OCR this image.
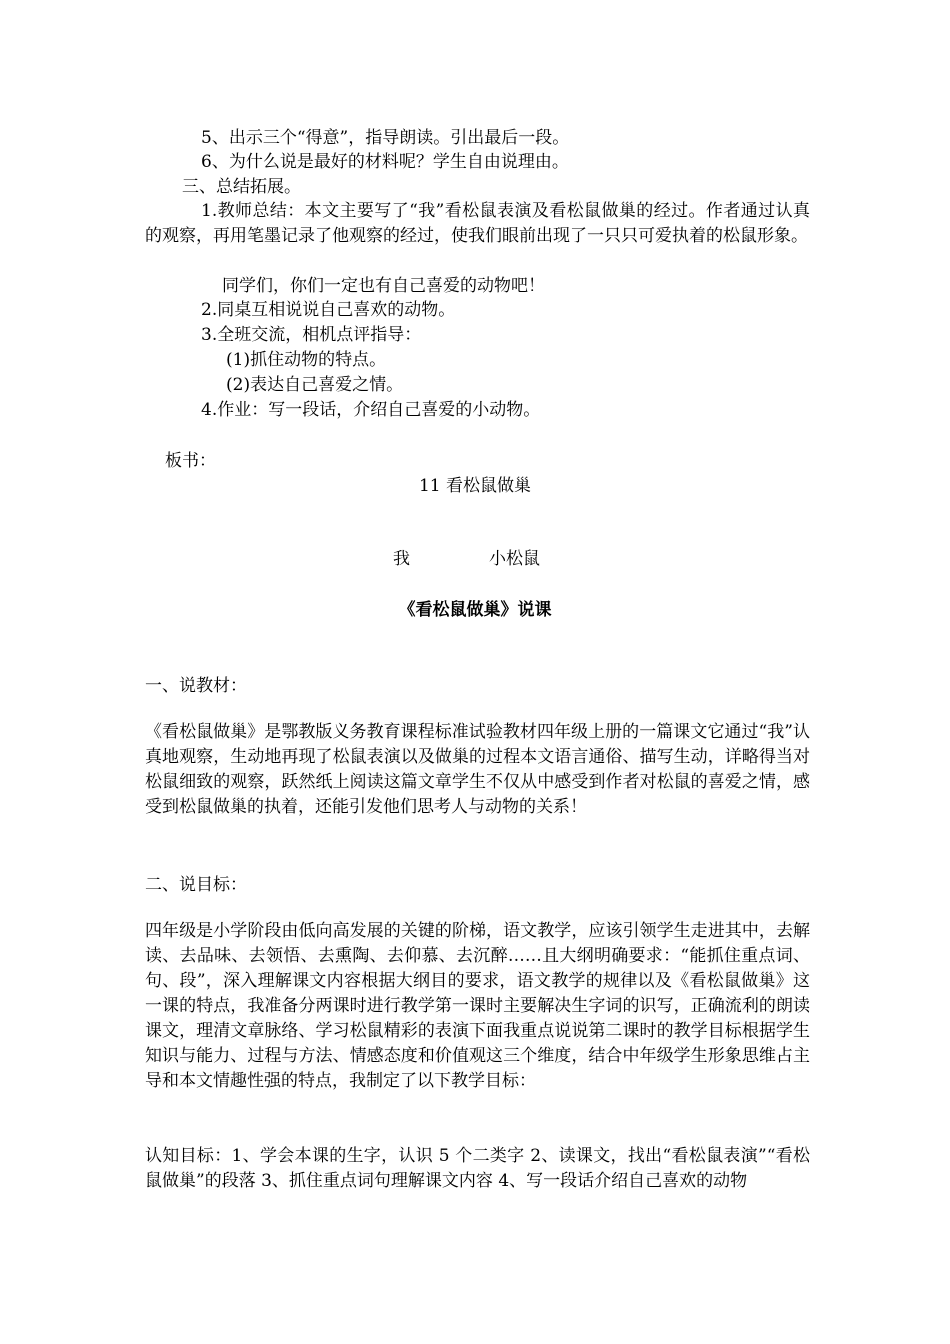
5、出示三个“得意”，指导朗读。引出最后一段。
6、为什么说是最好的材料呢？学生自由说理由。
三、总结拓展。
1.教师总结：本文主要写了“我”看松鼠表演及看松鼠做巢的经过。作者通过认真的观察，再用笔墨记录了他观察的经过，使我们眼前出现了一只只可爱执着的松鼠形象。
同学们，你们一定也有自己喜爱的动物吧！
2.同桌互相说说自己喜欢的动物。
3.全班交流，相机点评指导：
(1)抓住动物的特点。
(2)表达自己喜爱之情。
4.作业：写一段话，介绍自己喜爱的小动物。
板书：
11 看松鼠做巢
我	小松鼠
《看松鼠做巢》说课
一、说教材：
《看松鼠做巢》是鄂教版义务教育课程标准试验教材四年级上册的一篇课文它通过“我”认真地观察，生动地再现了松鼠表演以及做巢的过程本文语言通俗、描写生动，详略得当对松鼠细致的观察，跃然纸上阅读这篇文章学生不仅从中感受到作者对松鼠的喜爱之情，感受到松鼠做巢的执着，还能引发他们思考人与动物的关系！
二、说目标：
四年级是小学阶段由低向高发展的关键的阶梯，语文教学，应该引领学生走进其中，去解读、去品味、去领悟、去熏陶、去仰慕、去沉醉……且大纲明确要求：“能抓住重点词、句、段”，深入理解课文内容根据大纲目的要求，语文教学的规律以及《看松鼠做巢》这一课的特点，我准备分两课时进行教学第一课时主要解决生字词的识写，正确流利的朗读课文，理清文章脉络、学习松鼠精彩的表演下面我重点说说第二课时的教学目标根据学生知识与能力、过程与方法、情感态度和价值观这三个维度，结合中年级学生形象思维占主导和本文情趣性强的特点，我制定了以下教学目标：
认知目标：1、学会本课的生字，认识 5 个二类字 2、读课文，找出“看松鼠表演”“看松鼠做巢”的段落 3、抓住重点词句理解课文内容 4、写一段话介绍自己喜欢的动物
